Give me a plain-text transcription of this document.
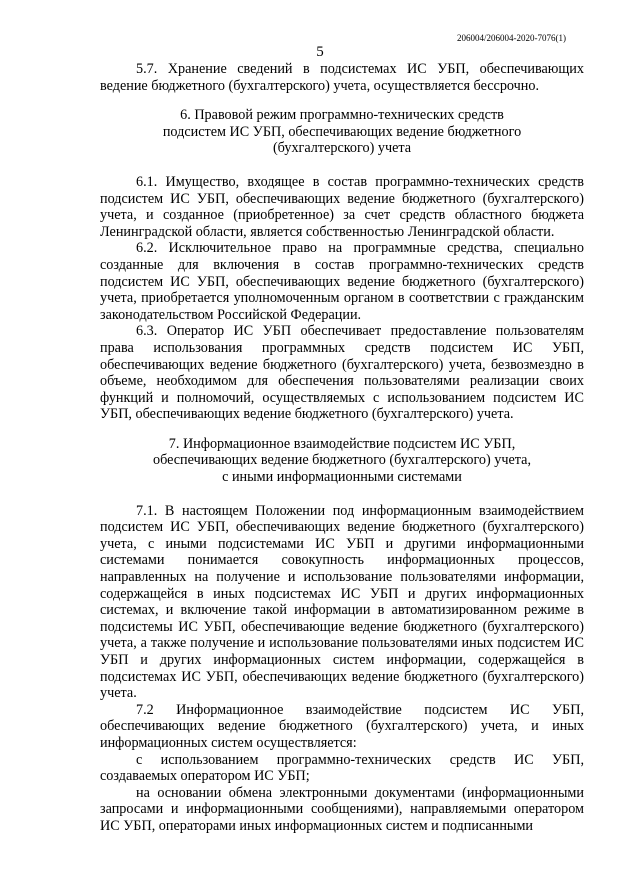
206004/206004-2020-7076(1)
5

5.7. Хранение сведений в подсистемах ИС УБП, обеспечивающих ведение бюджетного (бухгалтерского) учета, осуществляется бессрочно.

6. Правовой режим программно-технических средств
подсистем ИС УБП, обеспечивающих ведение бюджетного
(бухгалтерского) учета

6.1. Имущество, входящее в состав программно-технических средств подсистем ИС УБП, обеспечивающих ведение бюджетного (бухгалтерского) учета, и созданное (приобретенное) за счет средств областного бюджета Ленинградской области, является собственностью Ленинградской области.

6.2. Исключительное право на программные средства, специально созданные для включения в состав программно-технических средств подсистем ИС УБП, обеспечивающих ведение бюджетного (бухгалтерского) учета, приобретается уполномоченным органом в соответствии с гражданским законодательством Российской Федерации.

6.3. Оператор ИС УБП обеспечивает предоставление пользователям права использования программных средств подсистем ИС УБП, обеспечивающих ведение бюджетного (бухгалтерского) учета, безвозмездно в объеме, необходимом для обеспечения пользователями реализации своих функций и полномочий, осуществляемых с использованием подсистем ИС УБП, обеспечивающих ведение бюджетного (бухгалтерского) учета.

7. Информационное взаимодействие подсистем ИС УБП,
обеспечивающих ведение бюджетного (бухгалтерского) учета,
с иными информационными системами

7.1. В настоящем Положении под информационным взаимодействием подсистем ИС УБП, обеспечивающих ведение бюджетного (бухгалтерского) учета, с иными подсистемами ИС УБП и другими информационными системами понимается совокупность информационных процессов, направленных на получение и использование пользователями информации, содержащейся в иных подсистемах ИС УБП и других информационных системах, и включение такой информации в автоматизированном режиме в подсистемы ИС УБП, обеспечивающие ведение бюджетного (бухгалтерского) учета, а также получение и использование пользователями иных подсистем ИС УБП и других информационных систем информации, содержащейся в подсистемах ИС УБП, обеспечивающих ведение бюджетного (бухгалтерского) учета.

7.2 Информационное взаимодействие подсистем ИС УБП, обеспечивающих ведение бюджетного (бухгалтерского) учета, и иных информационных систем осуществляется:

с использованием программно-технических средств ИС УБП, создаваемых оператором ИС УБП;

на основании обмена электронными документами (информационными запросами и информационными сообщениями), направляемыми оператором ИС УБП, операторами иных информационных систем и подписанными
